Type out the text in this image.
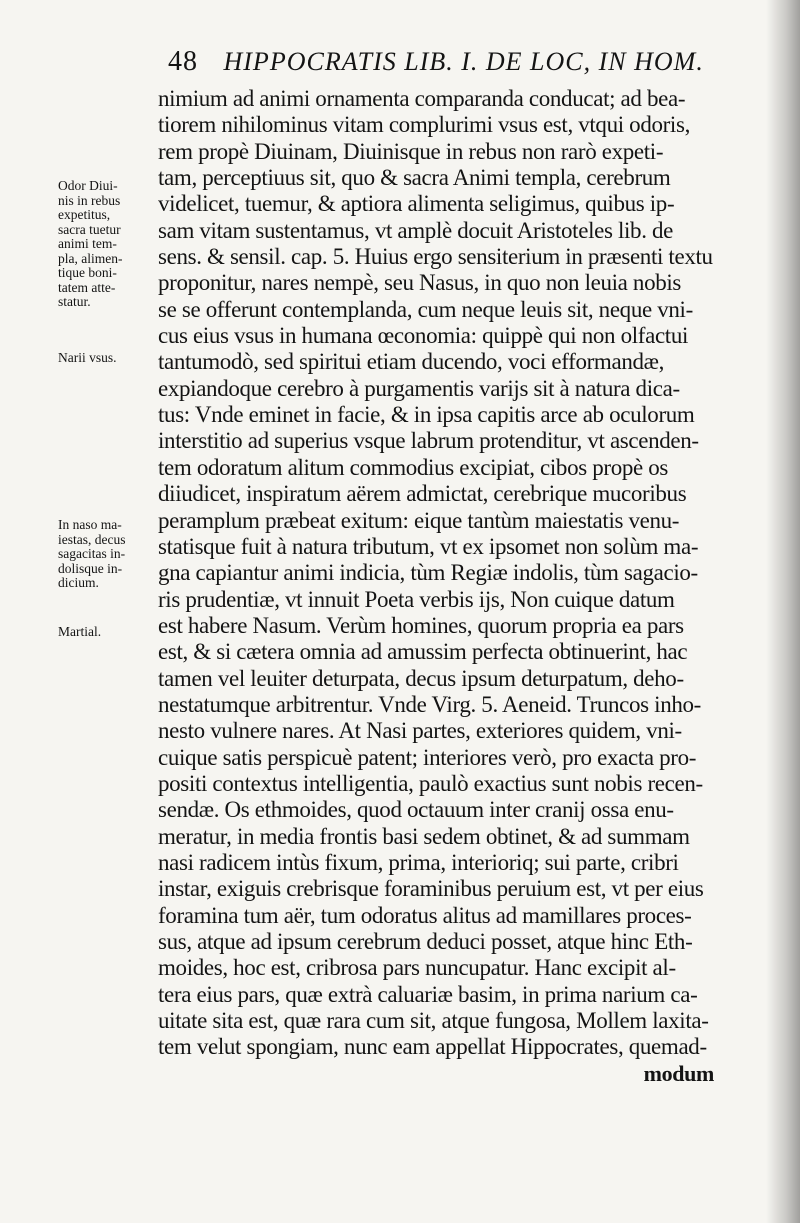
48 HIPPOCRATIS LIB. I. DE LOC, IN HOM.
nimium ad animi ornamenta comparanda conducat; ad bea-
tiorem nihilominus vitam complurimi vsus est, vtqui odoris,
rem propè Diuinam, Diuinisque in rebus non rarò expeti-
tam, perceptiuus sit, quo & sacra Animi templa, cerebrum
videlicet, tuemur, & aptiora alimenta seligimus, quibus ip-
sam vitam sustentamus, vt amplè docuit Aristoteles lib. de
sens. & sensil. cap. 5. Huius ergo sensiterium in præsenti textu
proponitur, nares nempè, seu Nasus, in quo non leuia nobis
se se offerunt contemplanda, cum neque leuis sit, neque vni-
cus eius vsus in humana œconomia: quippè qui non olfactui
tantumodò, sed spiritui etiam ducendo, voci efformandæ,
expiandoque cerebro à purgamentis varijs sit à natura dica-
tus: Vnde eminet in facie, & in ipsa capitis arce ab oculorum
interstitio ad superius vsque labrum protenditur, vt ascenden-
tem odoratum alitum commodius excipiat, cibos propè os
diiudicet, inspiratum aërem admictat, cerebrique mucoribus
peramplum præbeat exitum: eique tantùm maiestatis venu-
statisque fuit à natura tributum, vt ex ipsomet non solùm ma-
gna capiantur animi indicia, tùm Regiæ indolis, tùm sagacio-
ris prudentiæ, vt innuit Poeta verbis ijs, Non cuique datum
est habere Nasum. Verùm homines, quorum propria ea pars
est, & si cætera omnia ad amussim perfecta obtinuerint, hac
tamen vel leuiter deturpata, decus ipsum deturpatum, deho-
nestatumque arbitrentur. Vnde Virg. 5. Aeneid. Truncos inho-
nesto vulnere nares. At Nasi partes, exteriores quidem, vni-
cuique satis perspicuè patent; interiores verò, pro exacta pro-
positi contextus intelligentia, paulò exactius sunt nobis recen-
sendæ. Os ethmoides, quod octauum inter cranij ossa enu-
meratur, in media frontis basi sedem obtinet, & ad summam
nasi radicem intùs fixum, prima, interioriq; sui parte, cribri
instar, exiguis crebrisque foraminibus peruium est, vt per eius
foramina tum aër, tum odoratus alitus ad mamillares proces-
sus, atque ad ipsum cerebrum deduci posset, atque hinc Eth-
moides, hoc est, cribrosa pars nuncupatur. Hanc excipit al-
tera eius pars, quæ extrà caluariæ basim, in prima narium ca-
uitate sita est, quæ rara cum sit, atque fungosa, Mollem laxita-
tem velut spongiam, nunc eam appellat Hippocrates, quemad-
modum
Odor Diui-
nis in rebus
expetitus,
sacra tuetur
animi tem-
pla, alimen-
tique boni-
tatem atte-
statur.
Narii vsus.
In naso ma-
iestas, decus
sagacitas in-
dolisque in-
dicium.
Martial.
